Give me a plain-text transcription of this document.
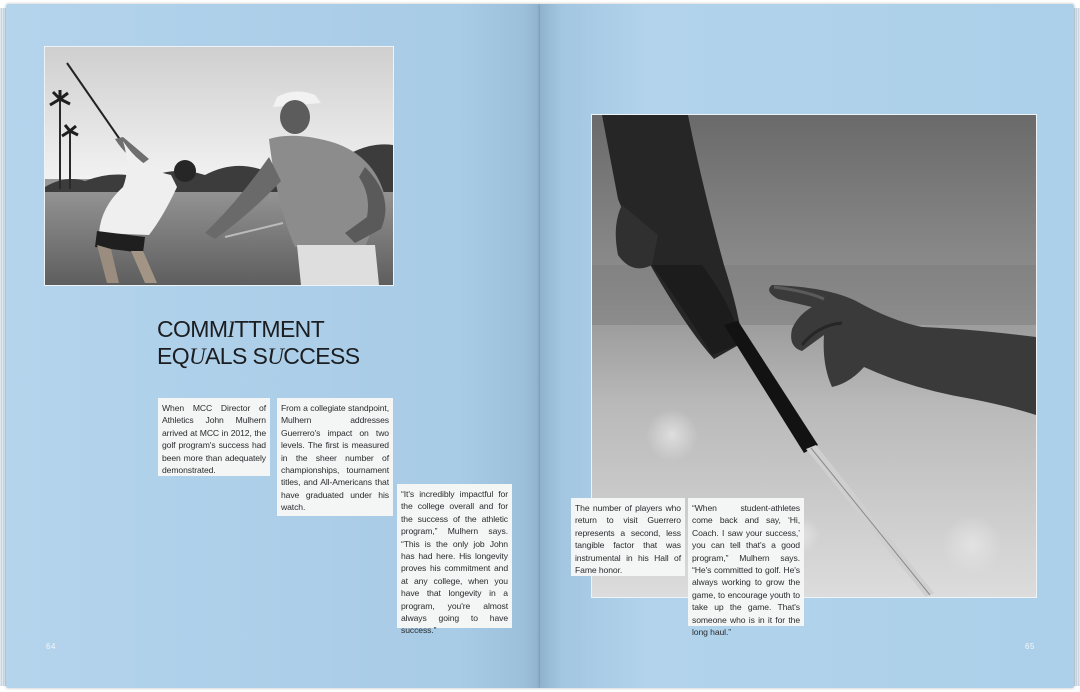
COMMITTMENT
EQUALS SUCCESS
When MCC Director of Athletics John Mulhern arrived at MCC in 2012, the golf program's success had been more than adequately demonstrated.
From a collegiate standpoint, Mulhern addresses Guerrero's impact on two levels. The first is measured in the sheer number of championships, tournament titles, and All-Americans that have graduated under his watch.
“It's incredibly impactful for the college overall and for the success of the athletic program,” Mulhern says. “This is the only job John has had here. His longevity proves his commitment and at any college, when you have that longevity in a program, you're almost always going to have success.”
64
The number of players who return to visit Guerrero represents a second, less tangible factor that was instrumental in his Hall of Fame honor.
“When student-athletes come back and say, ‘Hi, Coach. I saw your success,’ you can tell that's a good program,” Mulhern says. “He's committed to golf. He's always working to grow the game, to encourage youth to take up the game. That's someone who is in it for the long haul.”
65
